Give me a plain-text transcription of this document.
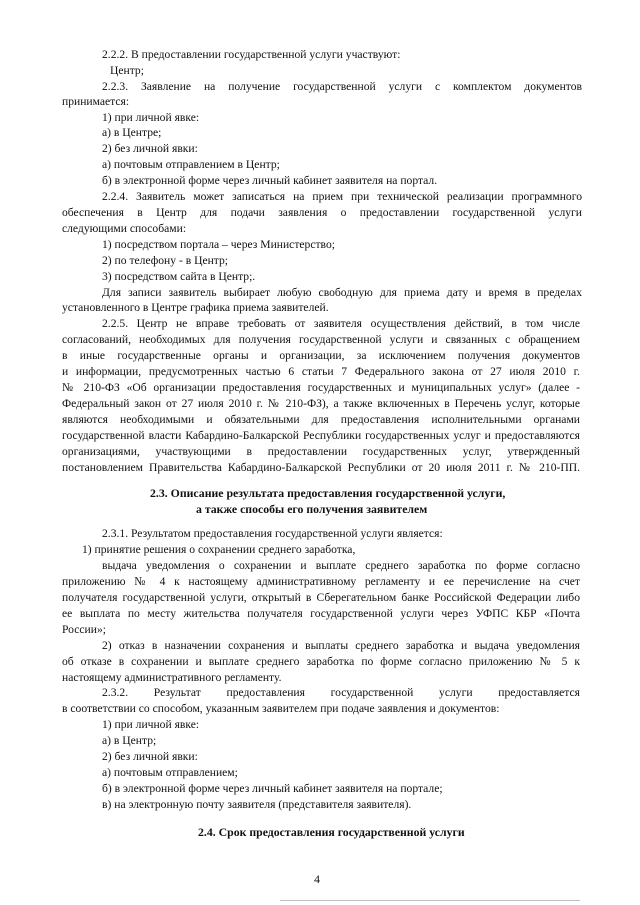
2.2.2. В предоставлении государственной услуги участвуют:
Центр;
2.2.3. Заявление на получение государственной услуги с комплектом документов
принимается:
1) при личной явке:
а) в Центре;
2) без личной явки:
а) почтовым отправлением в Центр;
б) в электронной форме через личный кабинет заявителя на портал.
2.2.4. Заявитель может записаться на прием при технической реализации программного
обеспечения в Центр для подачи заявления о предоставлении государственной услуги
следующими способами:
1) посредством портала – через Министерство;
2) по телефону - в Центр;
3) посредством сайта в Центр;.
Для записи заявитель выбирает любую свободную для приема дату и время в пределах
установленного в Центре графика приема заявителей.
2.2.5. Центр не вправе требовать от заявителя осуществления действий, в том числе
согласований, необходимых для получения государственной услуги и связанных с обращением
в иные государственные органы и организации, за исключением получения документов
и информации, предусмотренных частью 6 статьи 7 Федерального закона от 27 июля 2010 г.
№ 210-ФЗ «Об организации предоставления государственных и муниципальных услуг» (далее -
Федеральный закон от 27 июля 2010 г. № 210-ФЗ), а также включенных в Перечень услуг, которые
являются необходимыми и обязательными для предоставления исполнительными органами
государственной власти Кабардино-Балкарской Республики государственных услуг и предоставляются
организациями, участвующими в предоставлении государственных услуг, утвержденный
постановлением Правительства Кабардино-Балкарской Республики от 20 июля 2011 г. № 210-ПП.
2.3. Описание результата предоставления государственной услуги,
а также способы его получения заявителем
2.3.1. Результатом предоставления государственной услуги является:
1) принятие решения о сохранении среднего заработка,
выдача уведомления о сохранении и выплате среднего заработка по форме согласно
приложению № 4 к настоящему административному регламенту и ее перечисление на счет
получателя государственной услуги, открытый в Сберегательном банке Российской Федерации либо
ее выплата по месту жительства получателя государственной услуги через УФПС КБР «Почта
России»;
2) отказ в назначении сохранения и выплаты среднего заработка и выдача уведомления
об отказе в сохранении и выплате среднего заработка по форме согласно приложению № 5 к
настоящему административного регламенту.
2.3.2. Результат предоставления государственной услуги предоставляется
в соответствии со способом, указанным заявителем при подаче заявления и документов:
1) при личной явке:
а) в Центр;
2) без личной явки:
а) почтовым отправлением;
б) в электронной форме через личный кабинет заявителя на портале;
в) на электронную почту заявителя (представителя заявителя).
2.4. Срок предоставления государственной услуги
4
